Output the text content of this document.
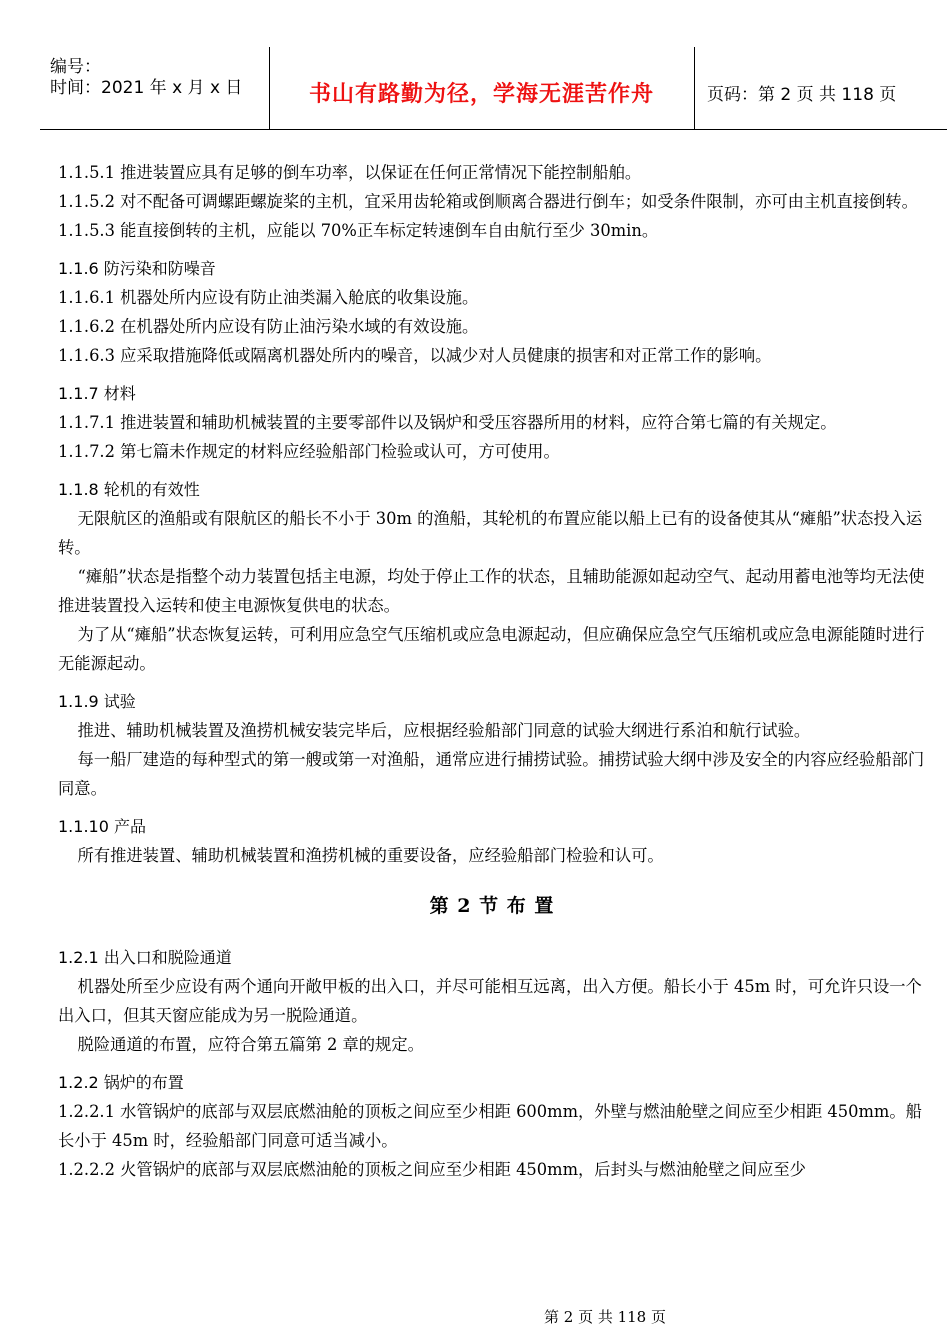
编号：
时间：2021 年 x 月 x 日	书山有路勤为径，学海无涯苦作舟	页码：第 2 页 共 118 页

1.1.5.1 推进装置应具有足够的倒车功率，以保证在任何正常情况下能控制船舶。

1.1.5.2 对不配备可调螺距螺旋桨的主机，宜采用齿轮箱或倒顺离合器进行倒车；如受条件限制，亦可由主机直接倒转。

1.1.5.3 能直接倒转的主机，应能以 70%正车标定转速倒车自由航行至少 30min。

1.1.6 防污染和防噪音

1.1.6.1 机器处所内应设有防止油类漏入舱底的收集设施。

1.1.6.2 在机器处所内应设有防止油污染水域的有效设施。

1.1.6.3 应采取措施降低或隔离机器处所内的噪音，以减少对人员健康的损害和对正常工作的影响。

1.1.7 材料

1.1.7.1 推进装置和辅助机械装置的主要零部件以及锅炉和受压容器所用的材料，应符合第七篇的有关规定。

1.1.7.2 第七篇未作规定的材料应经验船部门检验或认可，方可使用。

1.1.8 轮机的有效性

无限航区的渔船或有限航区的船长不小于 30m 的渔船，其轮机的布置应能以船上已有的设备使其从“瘫船”状态投入运转。

“瘫船”状态是指整个动力装置包括主电源，均处于停止工作的状态，且辅助能源如起动空气、起动用蓄电池等均无法使推进装置投入运转和使主电源恢复供电的状态。

为了从“瘫船”状态恢复运转，可利用应急空气压缩机或应急电源起动，但应确保应急空气压缩机或应急电源能随时进行无能源起动。

1.1.9 试验

推进、辅助机械装置及渔捞机械安装完毕后，应根据经验船部门同意的试验大纲进行系泊和航行试验。

每一船厂建造的每种型式的第一艘或第一对渔船，通常应进行捕捞试验。捕捞试验大纲中涉及安全的内容应经验船部门同意。

1.1.10 产品

所有推进装置、辅助机械装置和渔捞机械的重要设备，应经验船部门检验和认可。

第 2 节 布 置

1.2.1 出入口和脱险通道

机器处所至少应设有两个通向开敞甲板的出入口，并尽可能相互远离，出入方便。船长小于 45m 时，可允许只设一个出入口，但其天窗应能成为另一脱险通道。

脱险通道的布置，应符合第五篇第 2 章的规定。

1.2.2 锅炉的布置

1.2.2.1 水管锅炉的底部与双层底燃油舱的顶板之间应至少相距 600mm，外壁与燃油舱壁之间应至少相距 450mm。船长小于 45m 时，经验船部门同意可适当减小。

1.2.2.2 火管锅炉的底部与双层底燃油舱的顶板之间应至少相距 450mm，后封头与燃油舱壁之间应至少

第 2 页 共 118 页
